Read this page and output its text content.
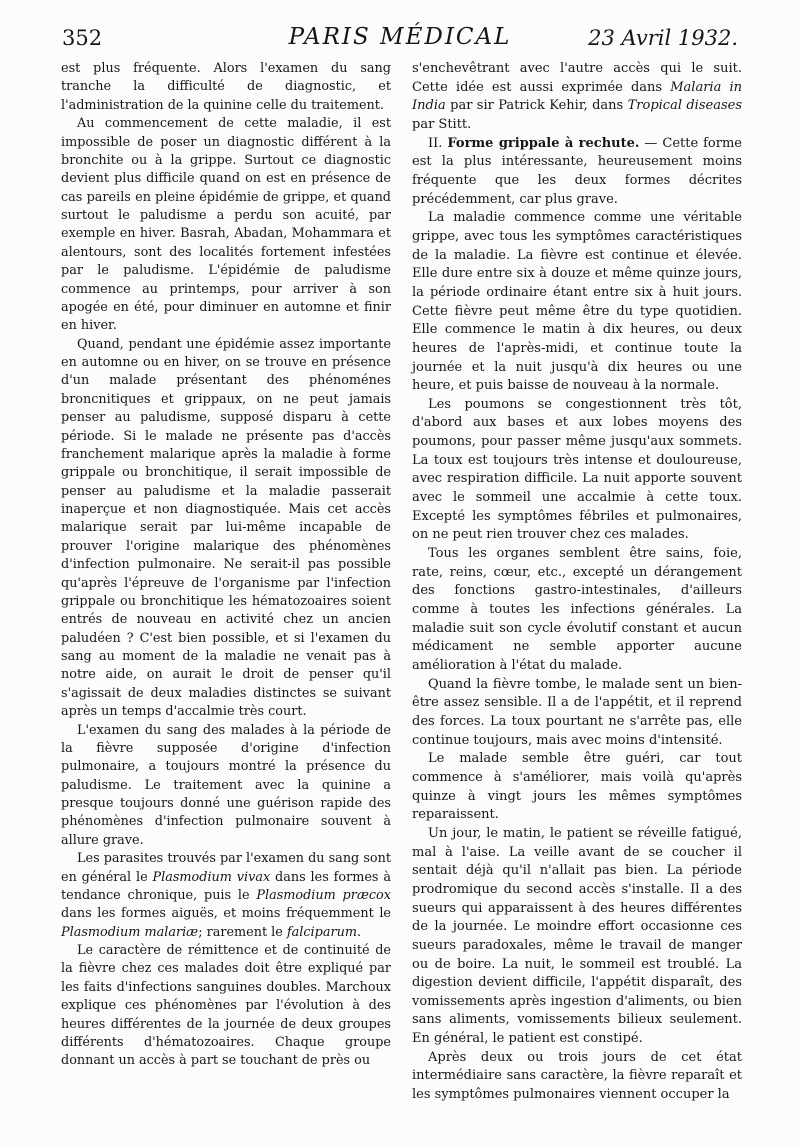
352	PARIS MÉDICAL	23 Avril 1932.

est plus fréquente. Alors l'examen du sang tranche la difficulté de diagnostic, et l'administration de la quinine celle du traitement.

Au commencement de cette maladie, il est impossible de poser un diagnostic différent à la bronchite ou à la grippe. Surtout ce diagnostic devient plus difficile quand on est en présence de cas pareils en pleine épidémie de grippe, et quand surtout le paludisme a perdu son acuité, par exemple en hiver. Basrah, Abadan, Mohammara et alentours, sont des localités fortement infestées par le paludisme. L'épidémie de paludisme commence au printemps, pour arriver à son apogée en été, pour diminuer en automne et finir en hiver.

Quand, pendant une épidémie assez importante en automne ou en hiver, on se trouve en présence d'un malade présentant des phénoménes broncnitiques et grippaux, on ne peut jamais penser au paludisme, supposé disparu à cette période. Si le malade ne présente pas d'accès franchement malarique après la maladie à forme grippale ou bronchitique, il serait impossible de penser au paludisme et la maladie passerait inaperçue et non diagnostiquée. Mais cet accès malarique serait par lui-même incapable de prouver l'origine malarique des phénomènes d'infection pulmonaire. Ne serait-il pas possible qu'après l'épreuve de l'organisme par l'infection grippale ou bronchitique les hématozoaires soient entrés de nouveau en activité chez un ancien paludéen ? C'est bien possible, et si l'examen du sang au moment de la maladie ne venait pas à notre aide, on aurait le droit de penser qu'il s'agissait de deux maladies distinctes se suivant après un temps d'accalmie très court.

L'examen du sang des malades à la période de la fièvre supposée d'origine d'infection pulmonaire, a toujours montré la présence du paludisme. Le traitement avec la quinine a presque toujours donné une guérison rapide des phénomènes d'infection pulmonaire souvent à allure grave.

Les parasites trouvés par l'examen du sang sont en général le Plasmodium vivax dans les formes à tendance chronique, puis le Plasmodium præcox dans les formes aiguës, et moins fréquemment le Plasmodium malariæ; rarement le falciparum.

Le caractère de rémittence et de continuité de la fièvre chez ces malades doit être expliqué par les faits d'infections sanguines doubles. Marchoux explique ces phénomènes par l'évolution à des heures différentes de la journée de deux groupes différents d'hématozoaires. Chaque groupe donnant un accès à part se touchant de près ou

s'enchevêtrant avec l'autre accès qui le suit. Cette idée est aussi exprimée dans Malaria in India par sir Patrick Kehir, dans Tropical diseases par Stitt.

II. Forme grippale à rechute. — Cette forme est la plus intéressante, heureusement moins fréquente que les deux formes décrites précédemment, car plus grave.

La maladie commence comme une véritable grippe, avec tous les symptômes caractéristiques de la maladie. La fièvre est continue et élevée. Elle dure entre six à douze et même quinze jours, la période ordinaire étant entre six à huit jours. Cette fièvre peut même être du type quotidien. Elle commence le matin à dix heures, ou deux heures de l'après-midi, et continue toute la journée et la nuit jusqu'à dix heures ou une heure, et puis baisse de nouveau à la normale.

Les poumons se congestionnent très tôt, d'abord aux bases et aux lobes moyens des poumons, pour passer même jusqu'aux sommets. La toux est toujours très intense et douloureuse, avec respiration difficile. La nuit apporte souvent avec le sommeil une accalmie à cette toux. Excepté les symptômes fébriles et pulmonaires, on ne peut rien trouver chez ces malades.

Tous les organes semblent être sains, foie, rate, reins, cœur, etc., excepté un dérangement des fonctions gastro-intestinales, d'ailleurs comme à toutes les infections générales. La maladie suit son cycle évolutif constant et aucun médicament ne semble apporter aucune amélioration à l'état du malade.

Quand la fièvre tombe, le malade sent un bien-être assez sensible. Il a de l'appétit, et il reprend des forces. La toux pourtant ne s'arrête pas, elle continue toujours, mais avec moins d'intensité.

Le malade semble être guéri, car tout commence à s'améliorer, mais voilà qu'après quinze à vingt jours les mêmes symptômes reparaissent.

Un jour, le matin, le patient se réveille fatigué, mal à l'aise. La veille avant de se coucher il sentait déjà qu'il n'allait pas bien. La période prodromique du second accès s'installe. Il a des sueurs qui apparaissent à des heures différentes de la journée. Le moindre effort occasionne ces sueurs paradoxales, même le travail de manger ou de boire. La nuit, le sommeil est troublé. La digestion devient difficile, l'appétit disparaît, des vomissements après ingestion d'aliments, ou bien sans aliments, vomissements bilieux seulement. En général, le patient est constipé.

Après deux ou trois jours de cet état intermédiaire sans caractère, la fièvre reparaît et les symptômes pulmonaires viennent occuper la
